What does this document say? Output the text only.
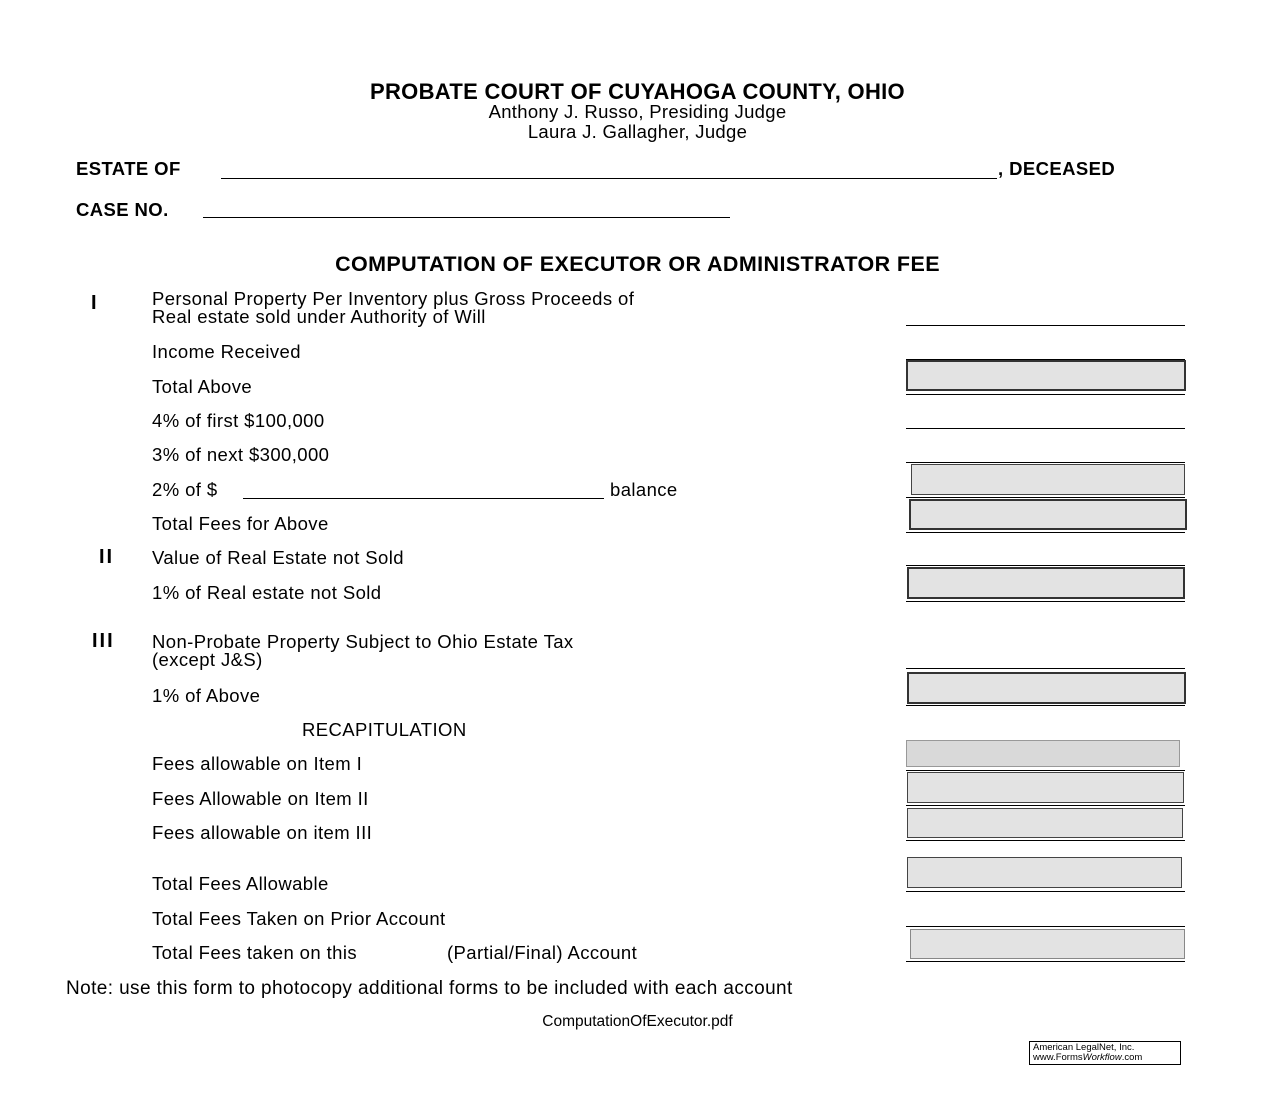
PROBATE COURT OF CUYAHOGA COUNTY, OHIO
Anthony J. Russo, Presiding Judge
Laura J. Gallagher, Judge
ESTATE OF	, DECEASED
CASE NO.
COMPUTATION OF EXECUTOR OR ADMINISTRATOR FEE
I	Personal Property Per Inventory plus Gross Proceeds of
Real estate sold under Authority of Will
Income Received
Total Above
4% of first $100,000
3% of next $300,000
2% of $	balance
Total Fees for Above
II Value of Real Estate not Sold
1% of Real estate not Sold
III Non-Probate Property Subject to Ohio Estate Tax
(except J&S)
1% of Above
RECAPITULATION
Fees allowable on Item I
Fees Allowable on Item II
Fees allowable on item III
Total Fees Allowable
Total Fees Taken on Prior Account
Total Fees taken on this	(Partial/Final) Account
Note: use this form to photocopy additional forms to be included with each account
ComputationOfExecutor.pdf
American LegalNet, Inc.
www.FormsWorkflow.com
